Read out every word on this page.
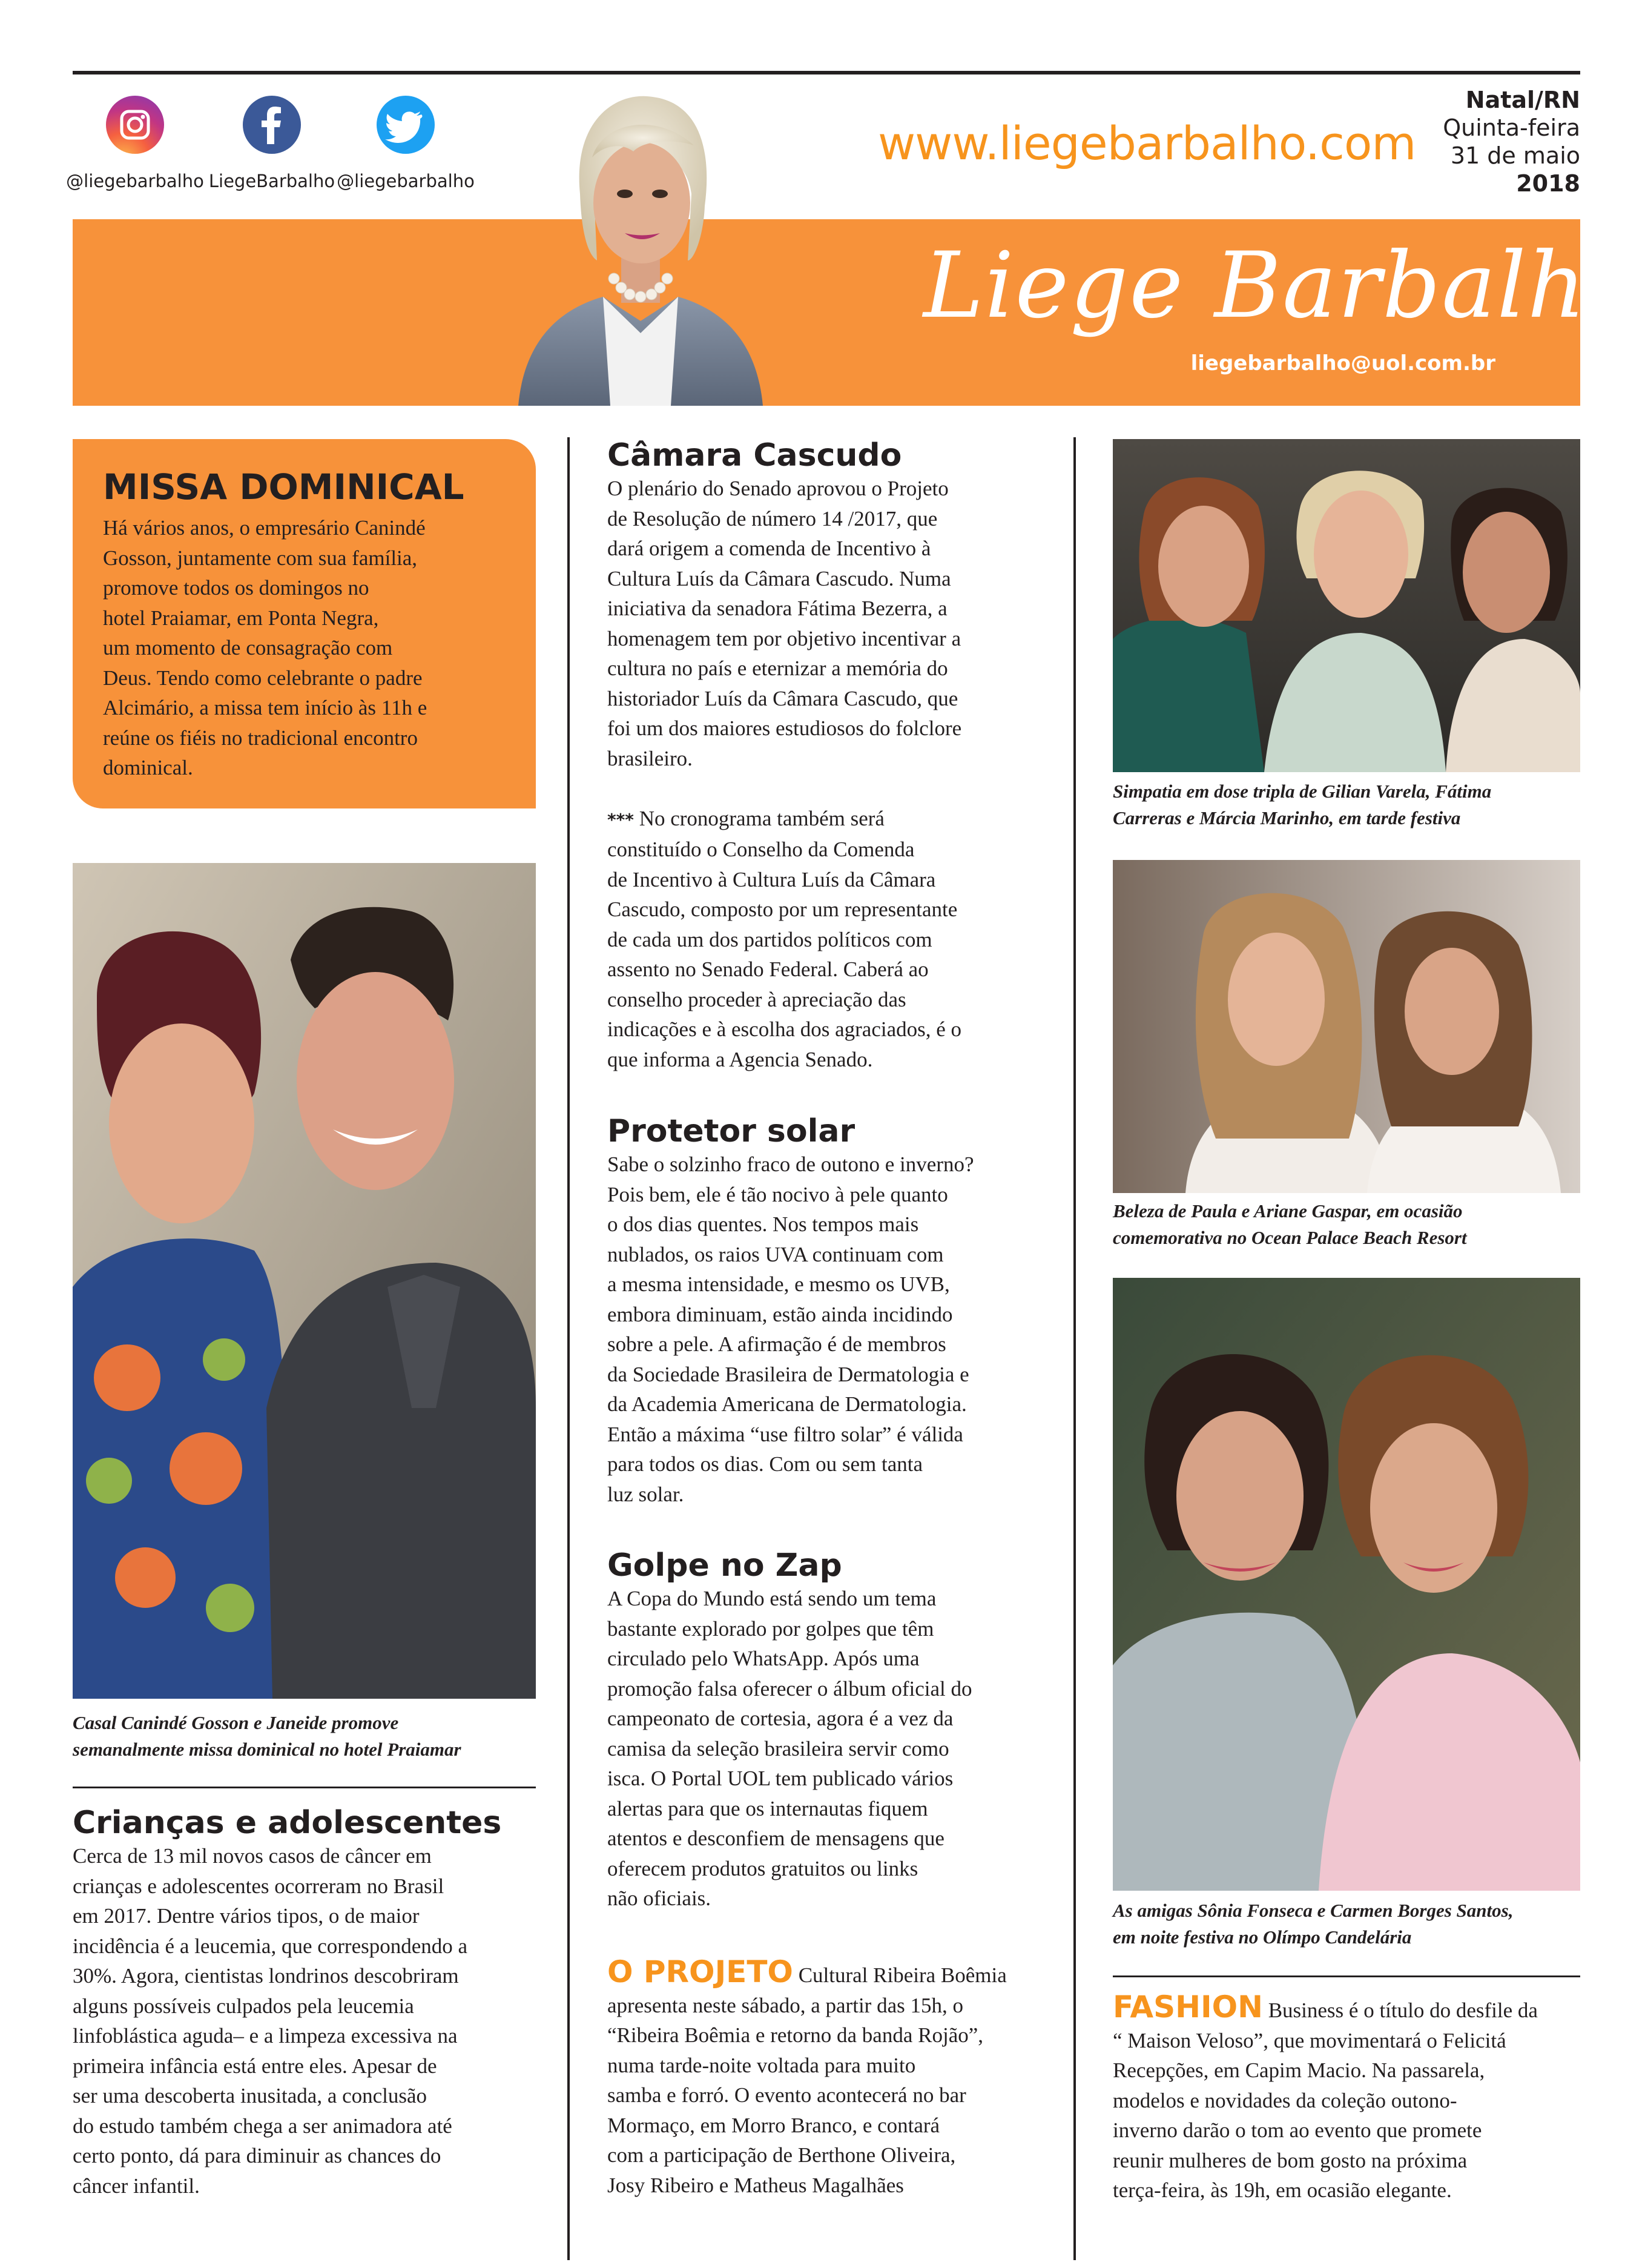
@liegebarbalho LiegeBarbalho @liegebarbalho
www.liegebarbalho.com
Natal/RN
Quinta-feira
31 de maio
2018
Liege Barbalho
liegebarbalho@uol.com.br
MISSA DOMINICAL
Há vários anos, o empresário Canindé
Gosson, juntamente com sua família,
promove todos os domingos no
hotel Praiamar, em Ponta Negra,
um momento de consagração com
Deus. Tendo como celebrante o padre
Alcimário, a missa tem início às 11h e
reúne os fiéis no tradicional encontro
dominical.
Casal Canindé Gosson e Janeide promove
semanalmente missa dominical no hotel Praiamar
Crianças e adolescentes
Cerca de 13 mil novos casos de câncer em
crianças e adolescentes ocorreram no Brasil
em 2017. Dentre vários tipos, o de maior
incidência é a leucemia, que correspondendo a
30%. Agora, cientistas londrinos descobriram
alguns possíveis culpados pela leucemia
linfoblástica aguda– e a limpeza excessiva na
primeira infância está entre eles. Apesar de
ser uma descoberta inusitada, a conclusão
do estudo também chega a ser animadora até
certo ponto, dá para diminuir as chances do
câncer infantil.
Câmara Cascudo
O plenário do Senado aprovou o Projeto
de Resolução de número 14 /2017, que
dará origem a comenda de Incentivo à
Cultura Luís da Câmara Cascudo. Numa
iniciativa da senadora Fátima Bezerra, a
homenagem tem por objetivo incentivar a
cultura no país e eternizar a memória do
historiador Luís da Câmara Cascudo, que
foi um dos maiores estudiosos do folclore
brasileiro.
*** No cronograma também será
constituído o Conselho da Comenda
de Incentivo à Cultura Luís da Câmara
Cascudo, composto por um representante
de cada um dos partidos políticos com
assento no Senado Federal. Caberá ao
conselho proceder à apreciação das
indicações e à escolha dos agraciados, é o
que informa a Agencia Senado.
Protetor solar
Sabe o solzinho fraco de outono e inverno?
Pois bem, ele é tão nocivo à pele quanto
o dos dias quentes. Nos tempos mais
nublados, os raios UVA continuam com
a mesma intensidade, e mesmo os UVB,
embora diminuam, estão ainda incidindo
sobre a pele. A afirmação é de membros
da Sociedade Brasileira de Dermatologia e
da Academia Americana de Dermatologia.
Então a máxima “use filtro solar” é válida
para todos os dias. Com ou sem tanta
luz solar.
Golpe no Zap
A Copa do Mundo está sendo um tema
bastante explorado por golpes que têm
circulado pelo WhatsApp. Após uma
promoção falsa oferecer o álbum oficial do
campeonato de cortesia, agora é a vez da
camisa da seleção brasileira servir como
isca. O Portal UOL tem publicado vários
alertas para que os internautas fiquem
atentos e desconfiem de mensagens que
oferecem produtos gratuitos ou links
não oficiais.
O PROJETO Cultural Ribeira Boêmia
apresenta neste sábado, a partir das 15h, o
“Ribeira Boêmia e retorno da banda Rojão”,
numa tarde-noite voltada para muito
samba e forró. O evento acontecerá no bar
Mormaço, em Morro Branco, e contará
com a participação de Berthone Oliveira,
Josy Ribeiro e Matheus Magalhães
Simpatia em dose tripla de Gilian Varela, Fátima
Carreras e Márcia Marinho, em tarde festiva
Beleza de Paula e Ariane Gaspar, em ocasião
comemorativa no Ocean Palace Beach Resort
As amigas Sônia Fonseca e Carmen Borges Santos,
em noite festiva no Olímpo Candelária
FASHION Business é o título do desfile da
“ Maison Veloso”, que movimentará o Felicitá
Recepções, em Capim Macio. Na passarela,
modelos e novidades da coleção outono-
inverno darão o tom ao evento que promete
reunir mulheres de bom gosto na próxima
terça-feira, às 19h, em ocasião elegante.
